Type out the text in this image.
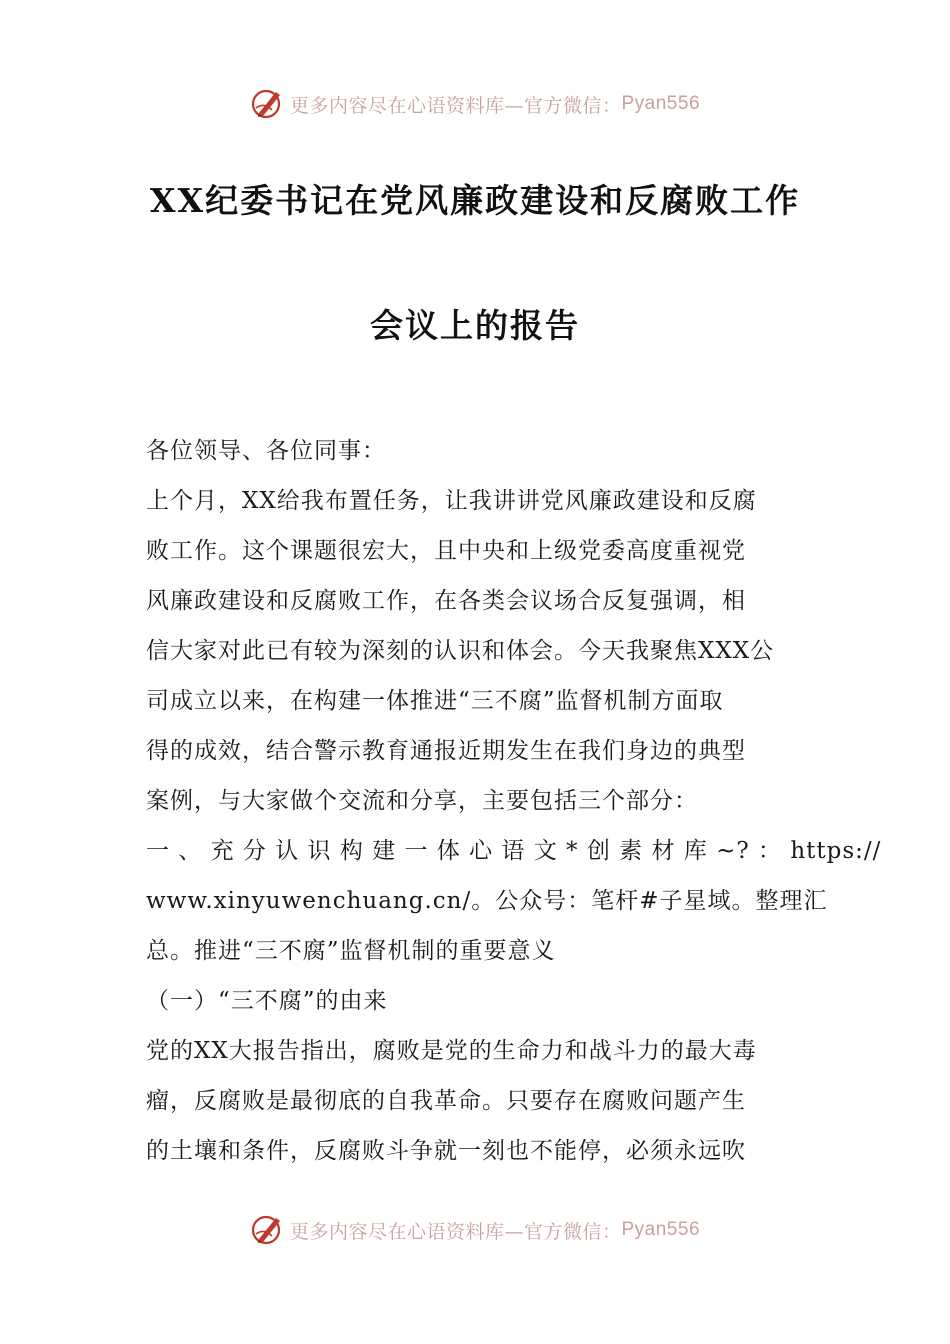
更多内容尽在心语资料库—官方微信： Pyan556
XX纪委书记在党风廉政建设和反腐败工作
会议上的报告

各位领导、各位同事：

上个月，XX给我布置任务，让我讲讲党风廉政建设和反腐

败工作。这个课题很宏大，且中央和上级党委高度重视党

风廉政建设和反腐败工作，在各类会议场合反复强调，相

信大家对此已有较为深刻的认识和体会。今天我聚焦XXX公

司成立以来，在构建一体推进“三不腐”监督机制方面取

得的成效，结合警示教育通报近期发生在我们身边的典型

案例，与大家做个交流和分享，主要包括三个部分：

一 、 充 分 认 识 构 建 一 体 心 语 文 * 创 素 材 库 ~? ： https://

www.xinyuwenchuang.cn/。公众号：笔杆#子星域。整理汇

总。推进“三不腐”监督机制的重要意义

（一）“三不腐”的由来

党的XX大报告指出，腐败是党的生命力和战斗力的最大毒

瘤，反腐败是最彻底的自我革命。只要存在腐败问题产生

的土壤和条件，反腐败斗争就一刻也不能停，必须永远吹

更多内容尽在心语资料库—官方微信： Pyan556
